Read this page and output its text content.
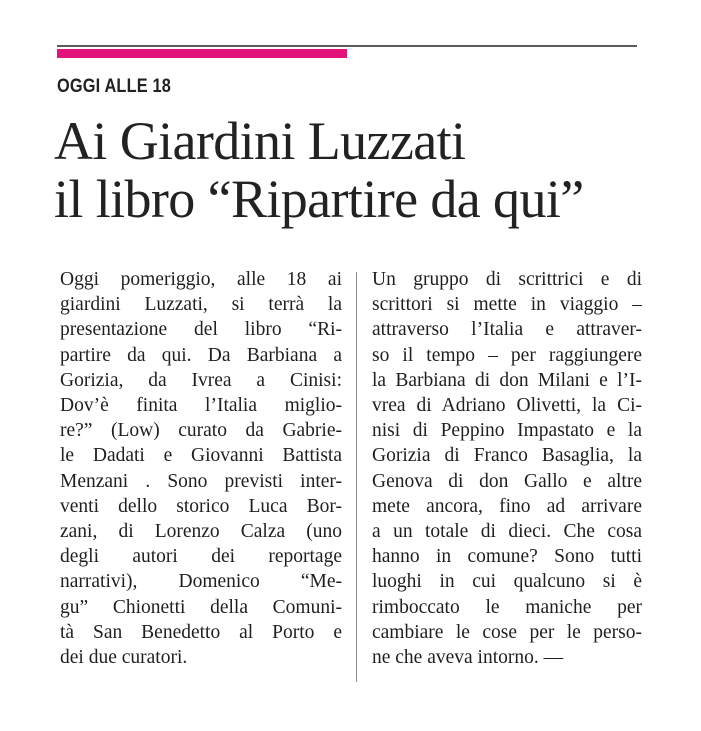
OGGI ALLE 18
Ai Giardini Luzzati
il libro “Ripartire da qui”
Oggi pomeriggio, alle 18 ai
giardini Luzzati, si terrà la
presentazione del libro “Ri-
partire da qui. Da Barbiana a
Gorizia, da Ivrea a Cinisi:
Dov’è finita l’Italia miglio-
re?” (Low) curato da Gabrie-
le Dadati e Giovanni Battista
Menzani . Sono previsti inter-
venti dello storico Luca Bor-
zani, di Lorenzo Calza (uno
degli autori dei reportage
narrativi), Domenico “Me-
gu” Chionetti della Comuni-
tà San Benedetto al Porto e
dei due curatori.
Un gruppo di scrittrici e di
scrittori si mette in viaggio –
attraverso l’Italia e attraver-
so il tempo – per raggiungere
la Barbiana di don Milani e l’I-
vrea di Adriano Olivetti, la Ci-
nisi di Peppino Impastato e la
Gorizia di Franco Basaglia, la
Genova di don Gallo e altre
mete ancora, fino ad arrivare
a un totale di dieci. Che cosa
hanno in comune? Sono tutti
luoghi in cui qualcuno si è
rimboccato le maniche per
cambiare le cose per le perso-
ne che aveva intorno. —
